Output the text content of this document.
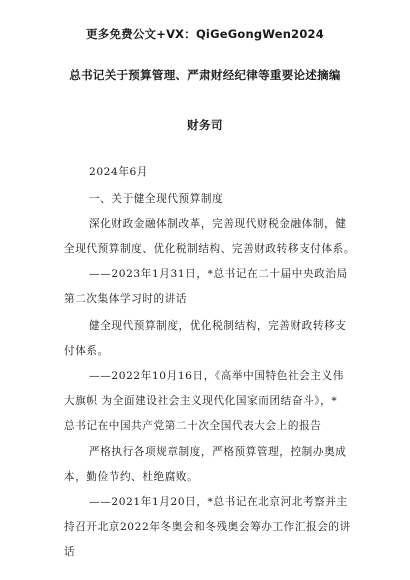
更多免费公文+VX：QiGeGongWen2024
总书记关于预算管理、严肃财经纪律等重要论述摘编
财务司
2024年6月
一、关于健全现代预算制度
深化财政金融体制改革，完善现代财税金融体制，健
全现代预算制度、优化税制结构、完善财政转移支付体系。
——2023年1月31日，*总书记在二十届中央政治局
第二次集体学习时的讲话
健全现代预算制度，优化税制结构，完善财政转移支
付体系。
——2022年10月16日，《高举中国特色社会主义伟
大旗帜 为全面建设社会主义现代化国家而团结奋斗》，*
总书记在中国共产党第二十次全国代表大会上的报告
严格执行各项规章制度，严格预算管理，控制办奥成
本，勤俭节约、杜绝腐败。
——2021年1月20日，*总书记在北京河北考察并主
持召开北京2022年冬奥会和冬残奥会筹办工作汇报会的讲
话
